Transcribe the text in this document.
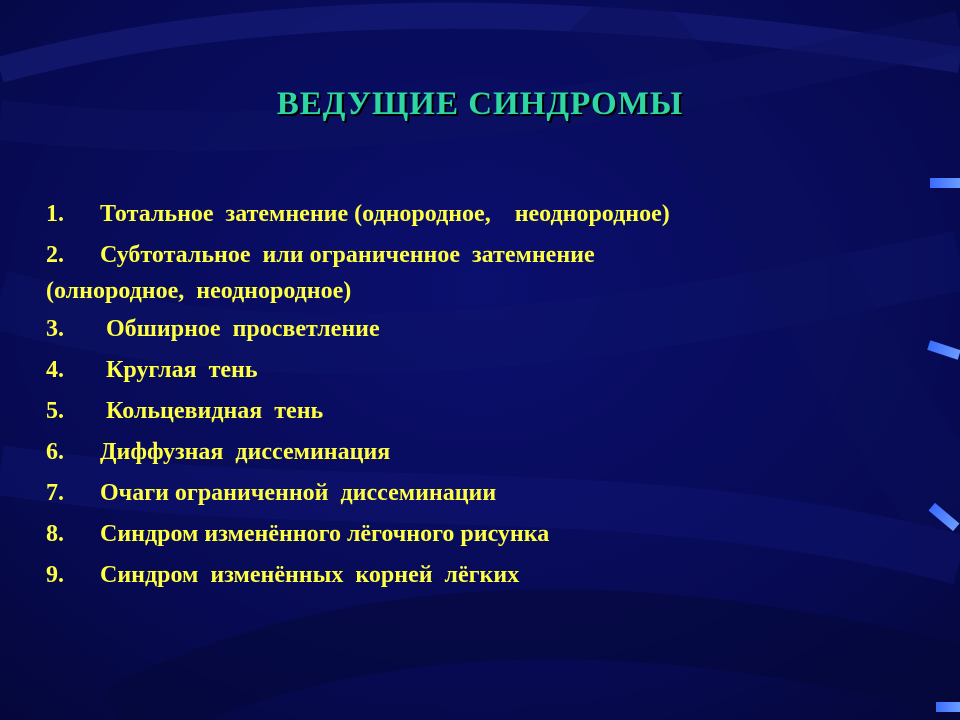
ВЕДУЩИЕ СИНДРОМЫ
1. Тотальное  затемнение (однородное,    неоднородное)
2. Субтотальное  или ограниченное  затемнение
(олнородное,  неоднородное)
3. Обширное  просветление
4. Круглая  тень
5. Кольцевидная  тень
6. Диффузная  диссеминация
7. Очаги ограниченной  диссеминации
8. Синдром изменённого лёгочного рисунка
9. Синдром  изменённых  корней  лёгких
